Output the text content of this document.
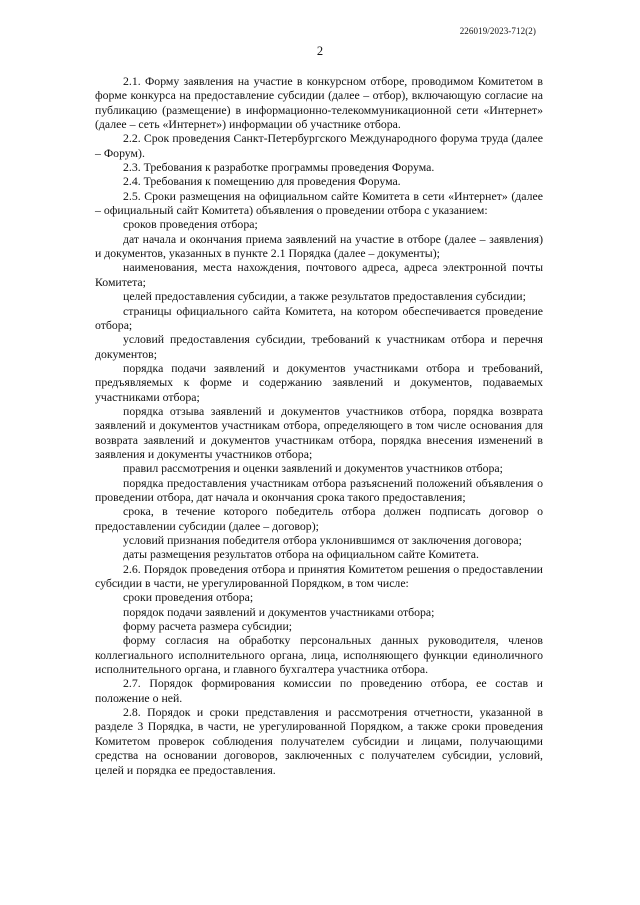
226019/2023-712(2)
2

2.1. Форму заявления на участие в конкурсном отборе, проводимом Комитетом в форме конкурса на предоставление субсидии (далее – отбор), включающую согласие на публикацию (размещение) в информационно-телекоммуникационной сети «Интернет» (далее – сеть «Интернет») информации об участнике отбора.

2.2. Срок проведения Санкт-Петербургского Международного форума труда (далее – Форум).

2.3. Требования к разработке программы проведения Форума.

2.4. Требования к помещению для проведения Форума.

2.5. Сроки размещения на официальном сайте Комитета в сети «Интернет» (далее – официальный сайт Комитета) объявления о проведении отбора с указанием:

сроков проведения отбора;

дат начала и окончания приема заявлений на участие в отборе (далее – заявления) и документов, указанных в пункте 2.1 Порядка (далее – документы);

наименования, места нахождения, почтового адреса, адреса электронной почты Комитета;

целей предоставления субсидии, а также результатов предоставления субсидии;

страницы официального сайта Комитета, на котором обеспечивается проведение отбора;

условий предоставления субсидии, требований к участникам отбора и перечня документов;

порядка подачи заявлений и документов участниками отбора и требований, предъявляемых к форме и содержанию заявлений и документов, подаваемых участниками отбора;

порядка отзыва заявлений и документов участников отбора, порядка возврата заявлений и документов участникам отбора, определяющего в том числе основания для возврата заявлений и документов участникам отбора, порядка внесения изменений в заявления и документы участников отбора;

правил рассмотрения и оценки заявлений и документов участников отбора;

порядка предоставления участникам отбора разъяснений положений объявления о проведении отбора, дат начала и окончания срока такого предоставления;

срока, в течение которого победитель отбора должен подписать договор о предоставлении субсидии (далее – договор);

условий признания победителя отбора уклонившимся от заключения договора;

даты размещения результатов отбора на официальном сайте Комитета.

2.6. Порядок проведения отбора и принятия Комитетом решения о предоставлении субсидии в части, не урегулированной Порядком, в том числе:

сроки проведения отбора;

порядок подачи заявлений и документов участниками отбора;

форму расчета размера субсидии;

форму согласия на обработку персональных данных руководителя, членов коллегиального исполнительного органа, лица, исполняющего функции единоличного исполнительного органа, и главного бухгалтера участника отбора.

2.7. Порядок формирования комиссии по проведению отбора, ее состав и положение о ней.

2.8. Порядок и сроки представления и рассмотрения отчетности, указанной в разделе 3 Порядка, в части, не урегулированной Порядком, а также сроки проведения Комитетом проверок соблюдения получателем субсидии и лицами, получающими средства на основании договоров, заключенных с получателем субсидии, условий, целей и порядка ее предоставления.
